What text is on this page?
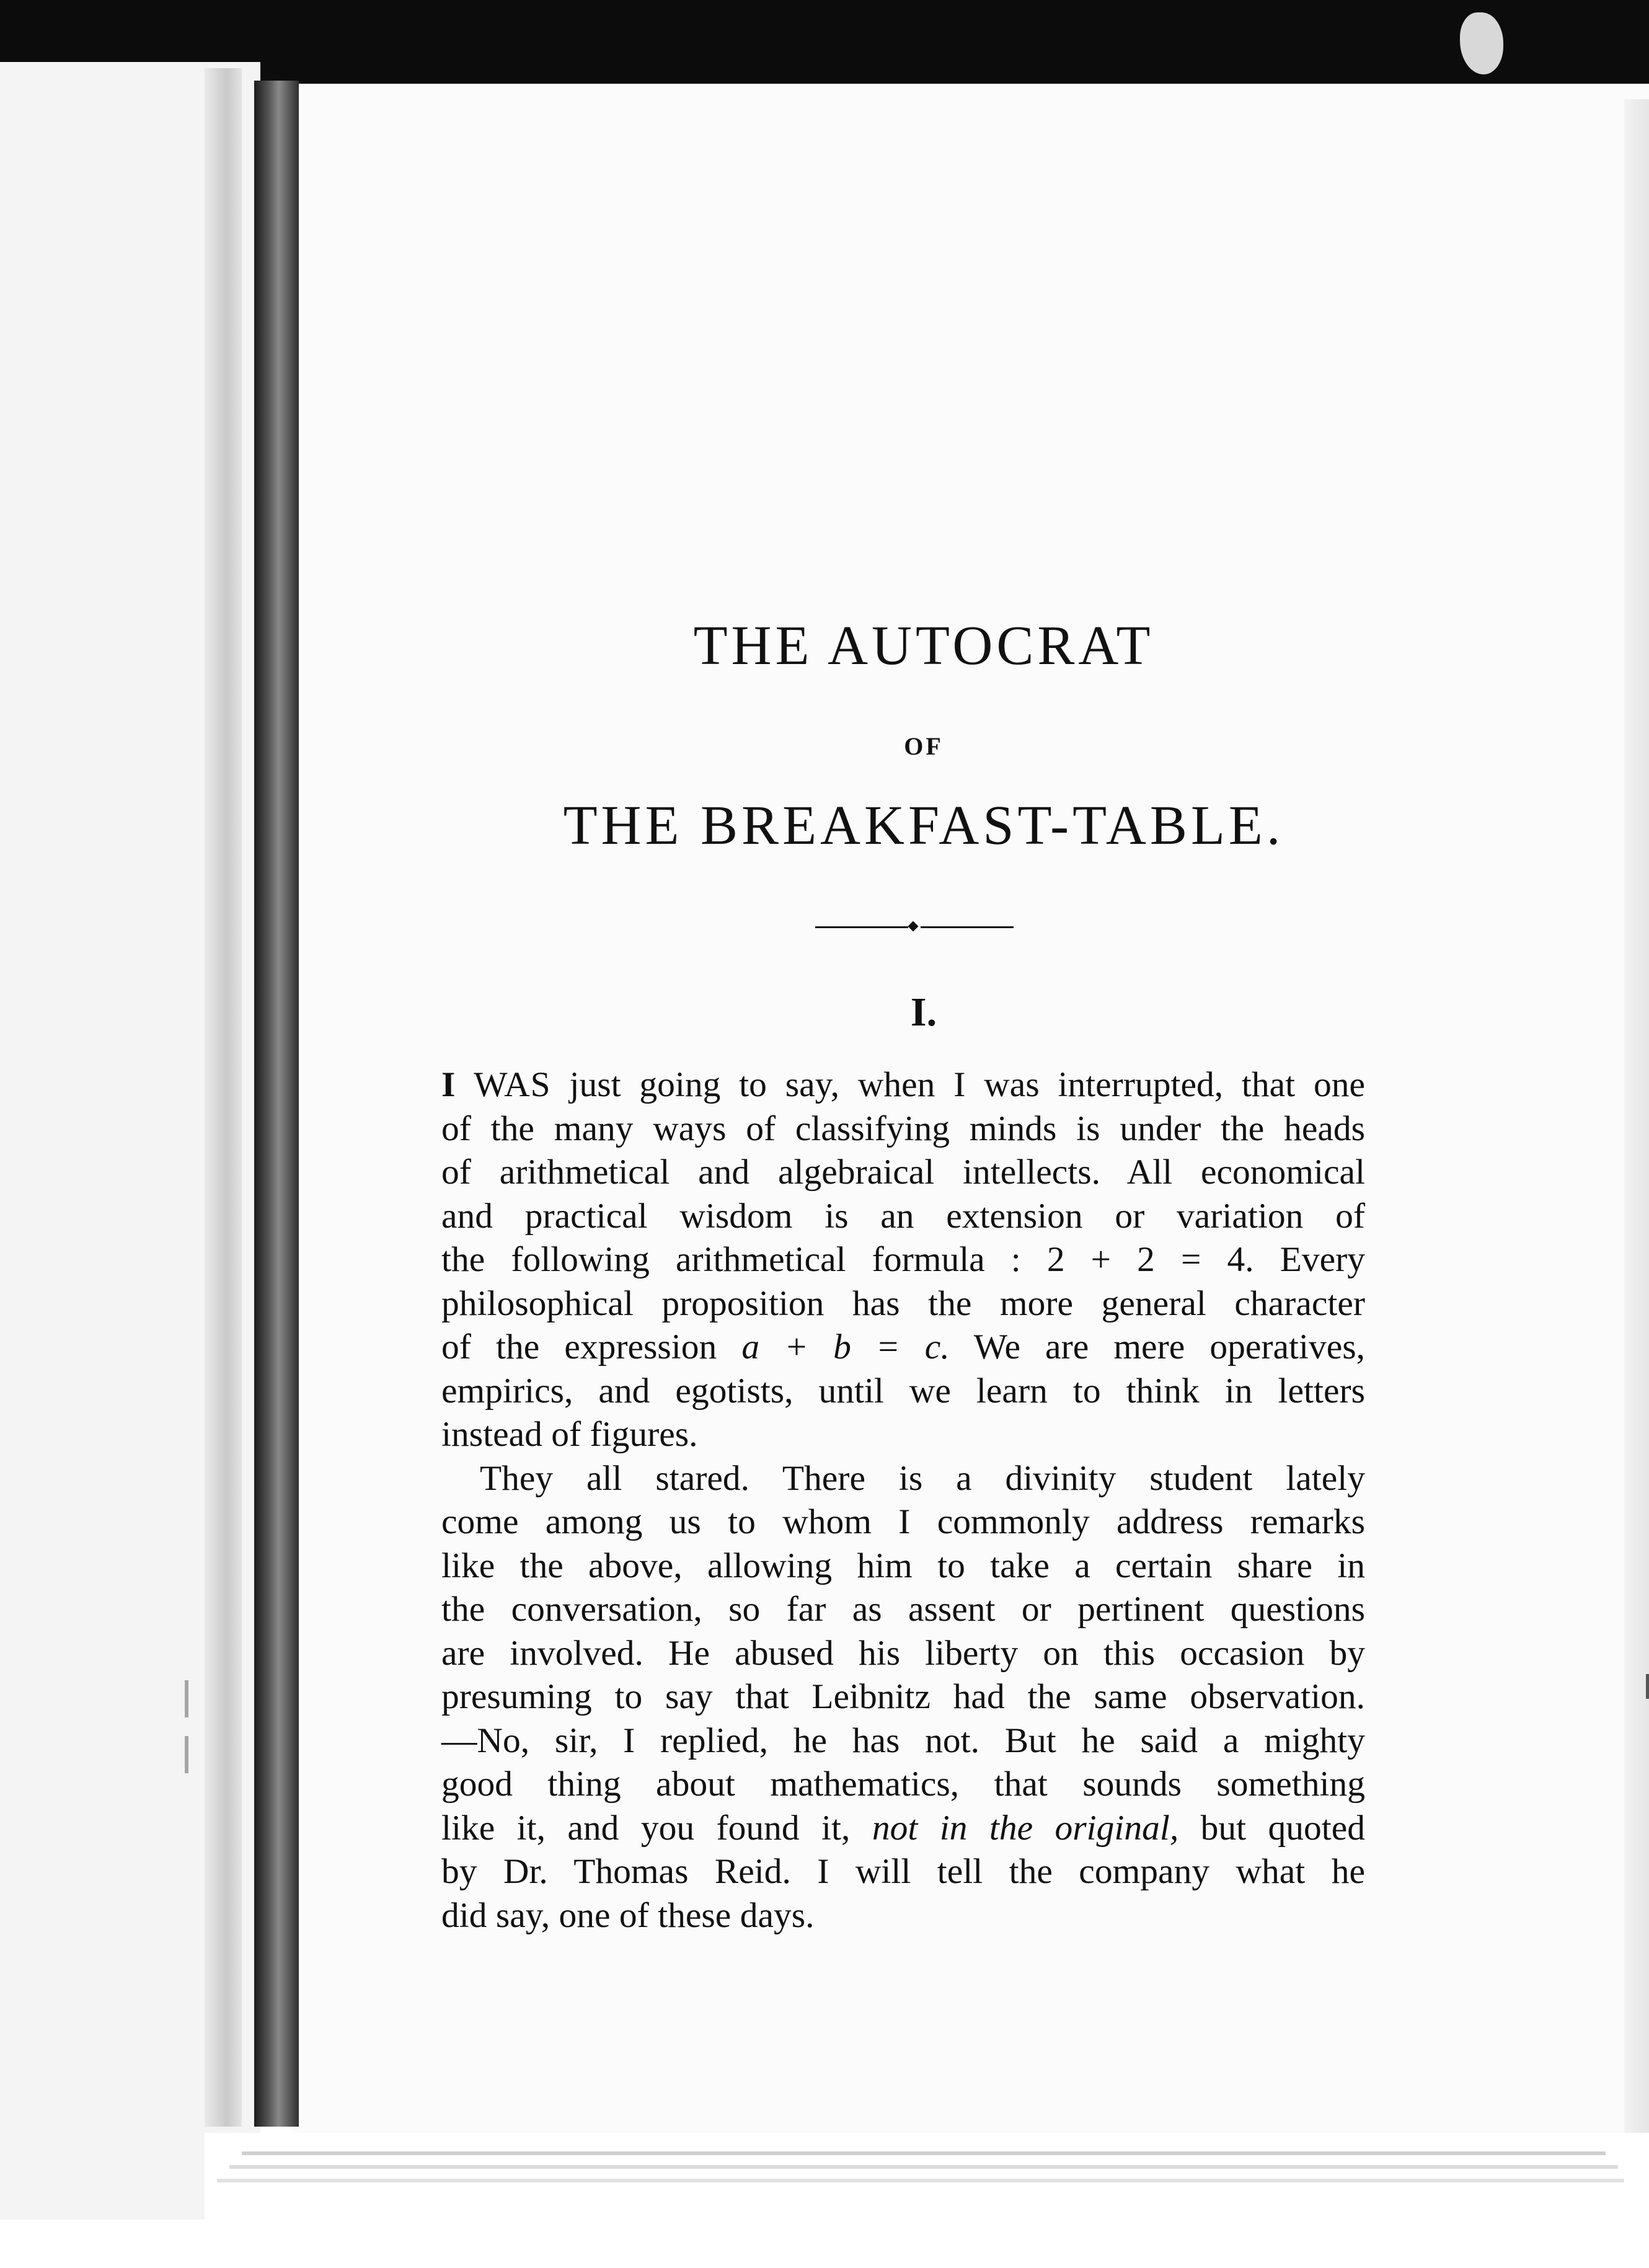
THE AUTOCRAT
OF
THE BREAKFAST-TABLE.
I.

I WAS just going to say, when I was interrupted, that one
of the many ways of classifying minds is under the heads
of arithmetical and algebraical intellects. All economical
and practical wisdom is an extension or variation of
the following arithmetical formula : 2 + 2 = 4. Every
philosophical proposition has the more general character
of the expression a + b = c. We are mere operatives,
empirics, and egotists, until we learn to think in letters
instead of figures.

They all stared. There is a divinity student lately
come among us to whom I commonly address remarks
like the above, allowing him to take a certain share in
the conversation, so far as assent or pertinent questions
are involved. He abused his liberty on this occasion by
presuming to say that Leibnitz had the same observation.
—No, sir, I replied, he has not. But he said a mighty
good thing about mathematics, that sounds something
like it, and you found it, not in the original, but quoted
by Dr. Thomas Reid. I will tell the company what he
did say, one of these days.
